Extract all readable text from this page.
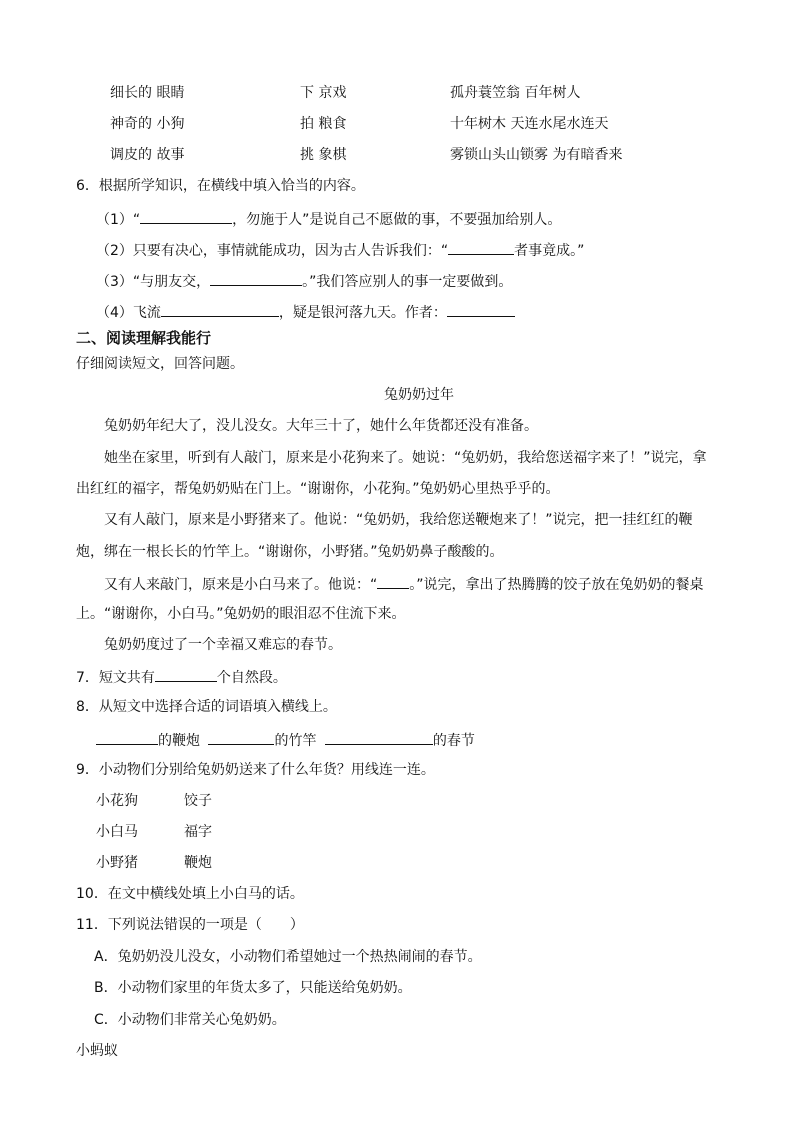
细长的 眼睛	下 京戏	孤舟蓑笠翁 百年树人
神奇的 小狗	拍 粮食	十年树木 天连水尾水连天
调皮的 故事	挑 象棋	雾锁山头山锁雾 为有暗香来
6．根据所学知识，在横线中填入恰当的内容。
（1）“	，勿施于人”是说自己不愿做的事，不要强加给别人。
（2）只要有决心，事情就能成功，因为古人告诉我们：“	者事竟成。”
（3）“与朋友交，	。”我们答应别人的事一定要做到。
（4）飞流	，疑是银河落九天。作者：
二、阅读理解我能行
仔细阅读短文，回答问题。
兔奶奶过年
兔奶奶年纪大了，没儿没女。大年三十了，她什么年货都还没有准备。
她坐在家里，听到有人敲门，原来是小花狗来了。她说：“兔奶奶，我给您送福字来了！”说完，拿
出红红的福字，帮兔奶奶贴在门上。“谢谢你，小花狗。”兔奶奶心里热乎乎的。
又有人敲门，原来是小野猪来了。他说：“兔奶奶，我给您送鞭炮来了！”说完，把一挂红红的鞭
炮，绑在一根长长的竹竿上。“谢谢你，小野猪。”兔奶奶鼻子酸酸的。
又有人来敲门，原来是小白马来了。他说：“ 。”说完，拿出了热腾腾的饺子放在兔奶奶的餐桌
上。“谢谢你，小白马。”兔奶奶的眼泪忍不住流下来。
兔奶奶度过了一个幸福又难忘的春节。
7．短文共有	个自然段。
8．从短文中选择合适的词语填入横线上。
的鞭炮	的竹竿	的春节
9．小动物们分别给兔奶奶送来了什么年货？用线连一连。
小花狗	饺子
小白马	福字
小野猪	鞭炮
10．在文中横线处填上小白马的话。
11．下列说法错误的一项是（　　）
A．兔奶奶没儿没女，小动物们希望她过一个热热闹闹的春节。
B．小动物们家里的年货太多了，只能送给兔奶奶。
C．小动物们非常关心兔奶奶。
小蚂蚁
